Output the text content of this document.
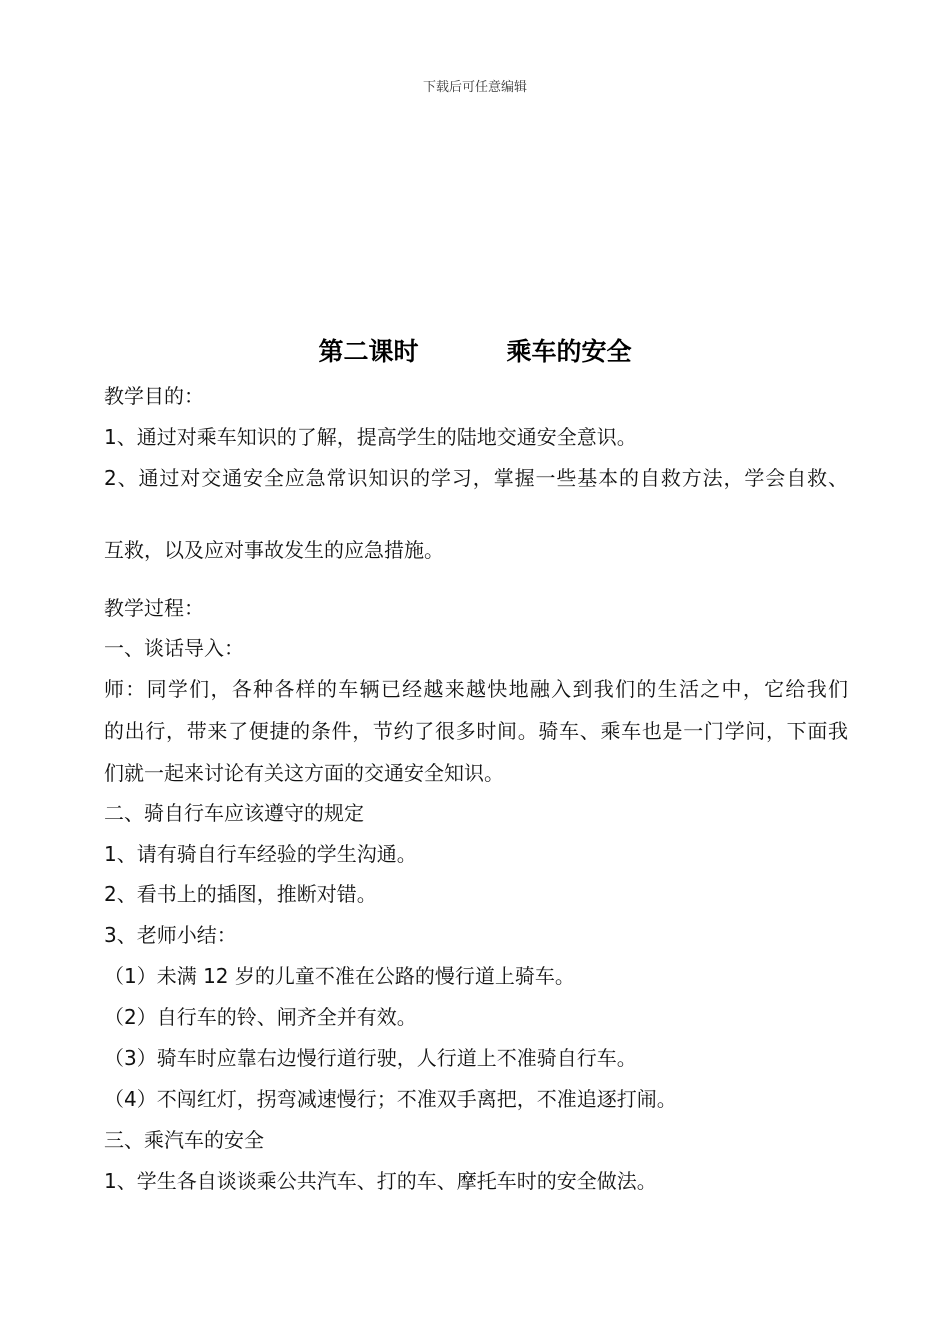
下载后可任意编辑
第二课时	乘车的安全
教学目的：
1、通过对乘车知识的了解，提高学生的陆地交通安全意识。
2、通过对交通安全应急常识知识的学习，掌握一些基本的自救方法，学会自救、
互救，以及应对事故发生的应急措施。
教学过程：
一、谈话导入：
师：同学们，各种各样的车辆已经越来越快地融入到我们的生活之中，它给我们
的出行，带来了便捷的条件，节约了很多时间。骑车、乘车也是一门学问，下面我
们就一起来讨论有关这方面的交通安全知识。
二、骑自行车应该遵守的规定
1、请有骑自行车经验的学生沟通。
2、看书上的插图，推断对错。
3、老师小结：
（1）未满 12 岁的儿童不准在公路的慢行道上骑车。
（2）自行车的铃、闸齐全并有效。
（3）骑车时应靠右边慢行道行驶，人行道上不准骑自行车。
（4）不闯红灯，拐弯减速慢行；不准双手离把，不准追逐打闹。
三、乘汽车的安全
1、学生各自谈谈乘公共汽车、打的车、摩托车时的安全做法。
